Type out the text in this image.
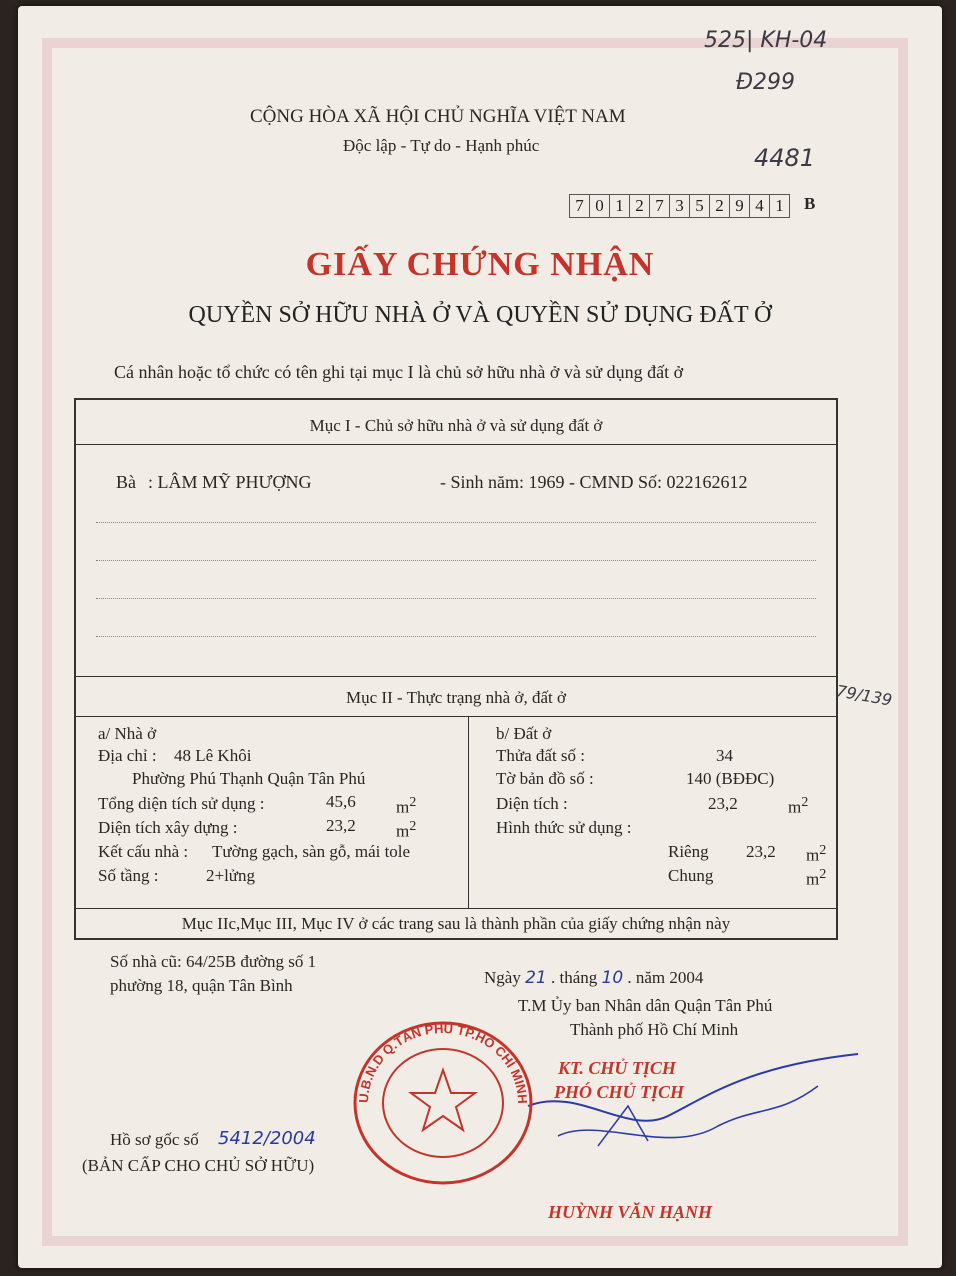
525| KH-04
Đ299
4481
79/139
CỘNG HÒA XÃ HỘI CHỦ NGHĨA VIỆT NAM
Độc lập - Tự do - Hạnh phúc
7 0 1 2 7 3 5 2 9 4 1	B
GIẤY CHỨNG NHẬN
QUYỀN SỞ HỮU NHÀ Ở VÀ QUYỀN SỬ DỤNG ĐẤT Ở
Cá nhân hoặc tổ chức có tên ghi tại mục I là chủ sở hữu nhà ở và sử dụng đất ở
Mục I - Chủ sở hữu nhà ở và sử dụng đất ở
Bà : LÂM MỸ PHƯỢNG	- Sinh năm: 1969 - CMND Số: 022162612
Mục II - Thực trạng nhà ở, đất ở
a/ Nhà ở
Địa chỉ : 48 Lê Khôi
Phường Phú Thạnh Quận Tân Phú
Tổng diện tích sử dụng :	45,6 $m^2$
Diện tích xây dựng :	23,2 $m^2$
Kết cấu nhà : Tường gạch, sàn gỗ, mái tole
Số tầng :	2+lửng
b/ Đất ở
Thửa đất số :	34
Tờ bản đồ số :	140 (BĐĐC)
Diện tích :	23,2	$m^2$
Hình thức sử dụng :
Riêng 23,2 $m^2$
Chung	$m^2$
Mục IIc,Mục III, Mục IV ở các trang sau là thành phần của giấy chứng nhận này
Số nhà cũ: 64/25B đường số 1
phường 18, quận Tân Bình	Ngày 21 . tháng 10 . năm 2004
T.M Ủy ban Nhân dân Quận Tân Phú
Thành phố Hồ Chí Minh
KT. CHỦ TỊCH
PHÓ CHỦ TỊCH
U.B.N.D Q.TÂN PHÚ TP.HỒ CHÍ MINH
Hồ sơ gốc số 5412/2004
(BẢN CẤP CHO CHỦ SỞ HỮU)
HUỲNH VĂN HẠNH
